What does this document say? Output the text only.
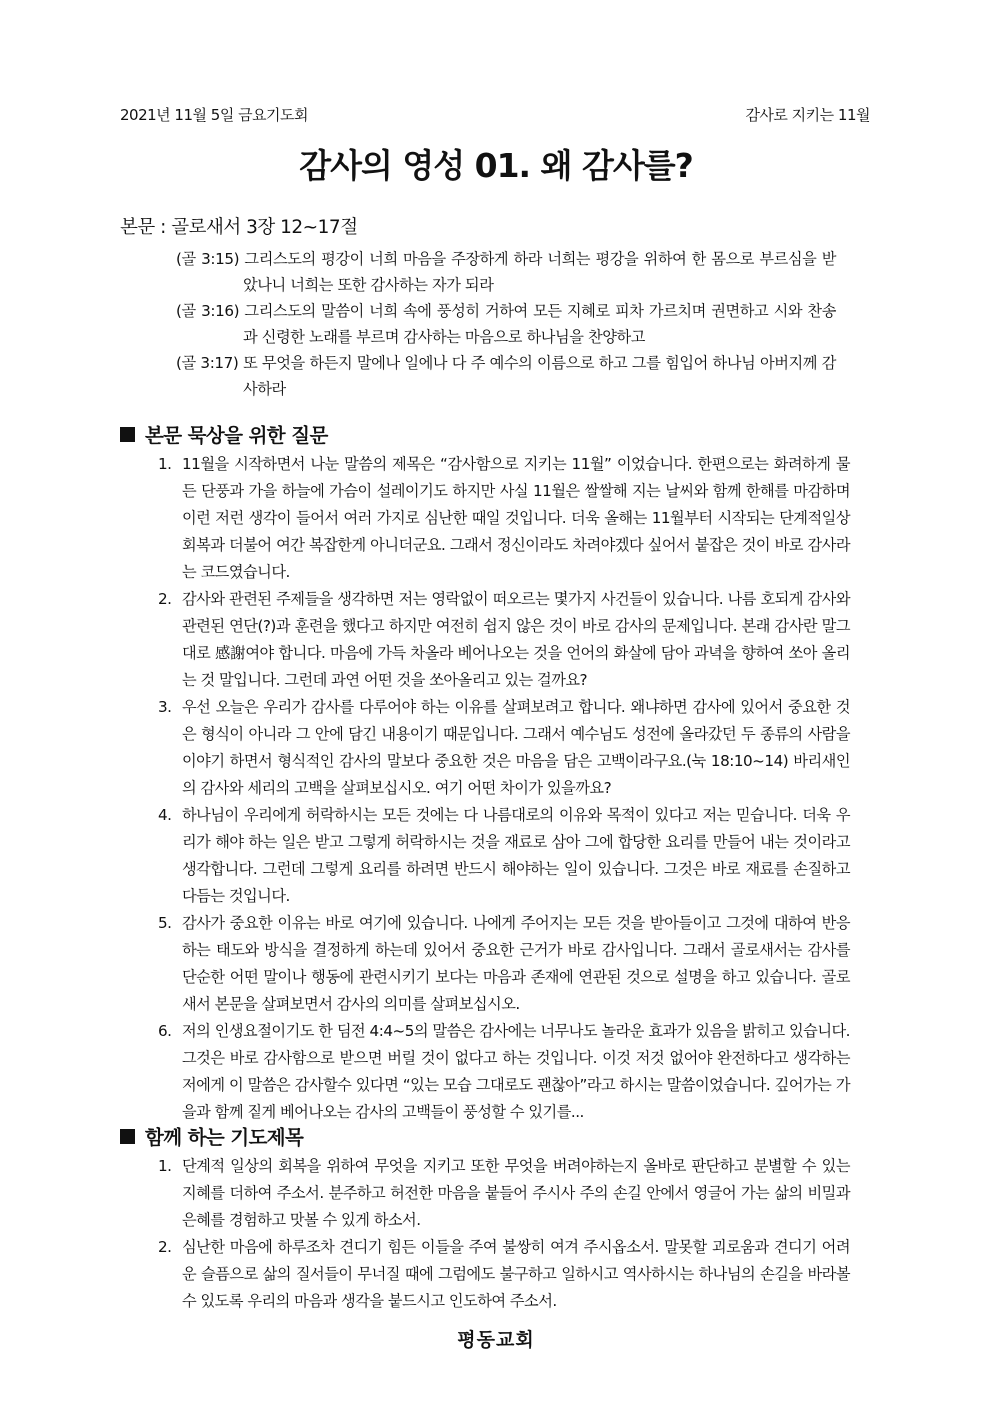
2021년 11월 5일 금요기도회	감사로 지키는 11월
감사의 영성 01. 왜 감사를?
본문 : 골로새서 3장 12~17절

(골 3:15) 그리스도의 평강이 너희 마음을 주장하게 하라 너희는 평강을 위하여 한 몸으로 부르심을 받았나니 너희는 또한 감사하는 자가 되라

(골 3:16) 그리스도의 말씀이 너희 속에 풍성히 거하여 모든 지혜로 피차 가르치며 권면하고 시와 찬송과 신령한 노래를 부르며 감사하는 마음으로 하나님을 찬양하고

(골 3:17) 또 무엇을 하든지 말에나 일에나 다 주 예수의 이름으로 하고 그를 힘입어 하나님 아버지께 감사하라

본문 묵상을 위한 질문
1. 11월을 시작하면서 나눈 말씀의 제목은 “감사함으로 지키는 11월” 이었습니다. 한편으로는 화려하게 물든 단풍과 가을 하늘에 가슴이 설레이기도 하지만 사실 11월은 쌀쌀해 지는 날씨와 함께 한해를 마감하며 이런 저런 생각이 들어서 여러 가지로 심난한 때일 것입니다. 더욱 올해는 11월부터 시작되는 단계적일상회복과 더불어 여간 복잡한게 아니더군요. 그래서 정신이라도 차려야겠다 싶어서 붙잡은 것이 바로 감사라는 코드였습니다.
2. 감사와 관련된 주제들을 생각하면 저는 영락없이 떠오르는 몇가지 사건들이 있습니다. 나름 호되게 감사와 관련된 연단(?)과 훈련을 했다고 하지만 여전히 쉽지 않은 것이 바로 감사의 문제입니다. 본래 감사란 말그대로 感謝여야 합니다. 마음에 가득 차올라 베어나오는 것을 언어의 화살에 담아 과녁을 향하여 쏘아 올리는 것 말입니다. 그런데 과연 어떤 것을 쏘아올리고 있는 걸까요?
3. 우선 오늘은 우리가 감사를 다루어야 하는 이유를 살펴보려고 합니다. 왜냐하면 감사에 있어서 중요한 것은 형식이 아니라 그 안에 담긴 내용이기 때문입니다. 그래서 예수님도 성전에 올라갔던 두 종류의 사람을 이야기 하면서 형식적인 감사의 말보다 중요한 것은 마음을 담은 고백이라구요.(눅 18:10~14) 바리새인의 감사와 세리의 고백을 살펴보십시오. 여기 어떤 차이가 있을까요?
4. 하나님이 우리에게 허락하시는 모든 것에는 다 나름대로의 이유와 목적이 있다고 저는 믿습니다. 더욱 우리가 해야 하는 일은 받고 그렇게 허락하시는 것을 재료로 삼아 그에 합당한 요리를 만들어 내는 것이라고 생각합니다. 그런데 그렇게 요리를 하려면 반드시 해야하는 일이 있습니다. 그것은 바로 재료를 손질하고 다듬는 것입니다.
5. 감사가 중요한 이유는 바로 여기에 있습니다. 나에게 주어지는 모든 것을 받아들이고 그것에 대하여 반응하는 태도와 방식을 결정하게 하는데 있어서 중요한 근거가 바로 감사입니다. 그래서 골로새서는 감사를 단순한 어떤 말이나 행동에 관련시키기 보다는 마음과 존재에 연관된 것으로 설명을 하고 있습니다. 골로새서 본문을 살펴보면서 감사의 의미를 살펴보십시오.
6. 저의 인생요절이기도 한 딤전 4:4~5의 말씀은 감사에는 너무나도 놀라운 효과가 있음을 밝히고 있습니다. 그것은 바로 감사함으로 받으면 버릴 것이 없다고 하는 것입니다. 이것 저것 없어야 완전하다고 생각하는 저에게 이 말씀은 감사할수 있다면 “있는 모습 그대로도 괜찮아”라고 하시는 말씀이었습니다. 깊어가는 가을과 함께 짙게 베어나오는 감사의 고백들이 풍성할 수 있기를...
함께 하는 기도제목
1. 단계적 일상의 회복을 위하여 무엇을 지키고 또한 무엇을 버려야하는지 올바로 판단하고 분별할 수 있는 지혜를 더하여 주소서. 분주하고 허전한 마음을 붙들어 주시사 주의 손길 안에서 영글어 가는 삶의 비밀과 은혜를 경험하고 맛볼 수 있게 하소서.
2. 심난한 마음에 하루조차 견디기 힘든 이들을 주여 불쌍히 여겨 주시옵소서. 말못할 괴로움과 견디기 어려운 슬픔으로 삶의 질서들이 무너질 때에 그럼에도 불구하고 일하시고 역사하시는 하나님의 손길을 바라볼수 있도록 우리의 마음과 생각을 붙드시고 인도하여 주소서.
평동교회
